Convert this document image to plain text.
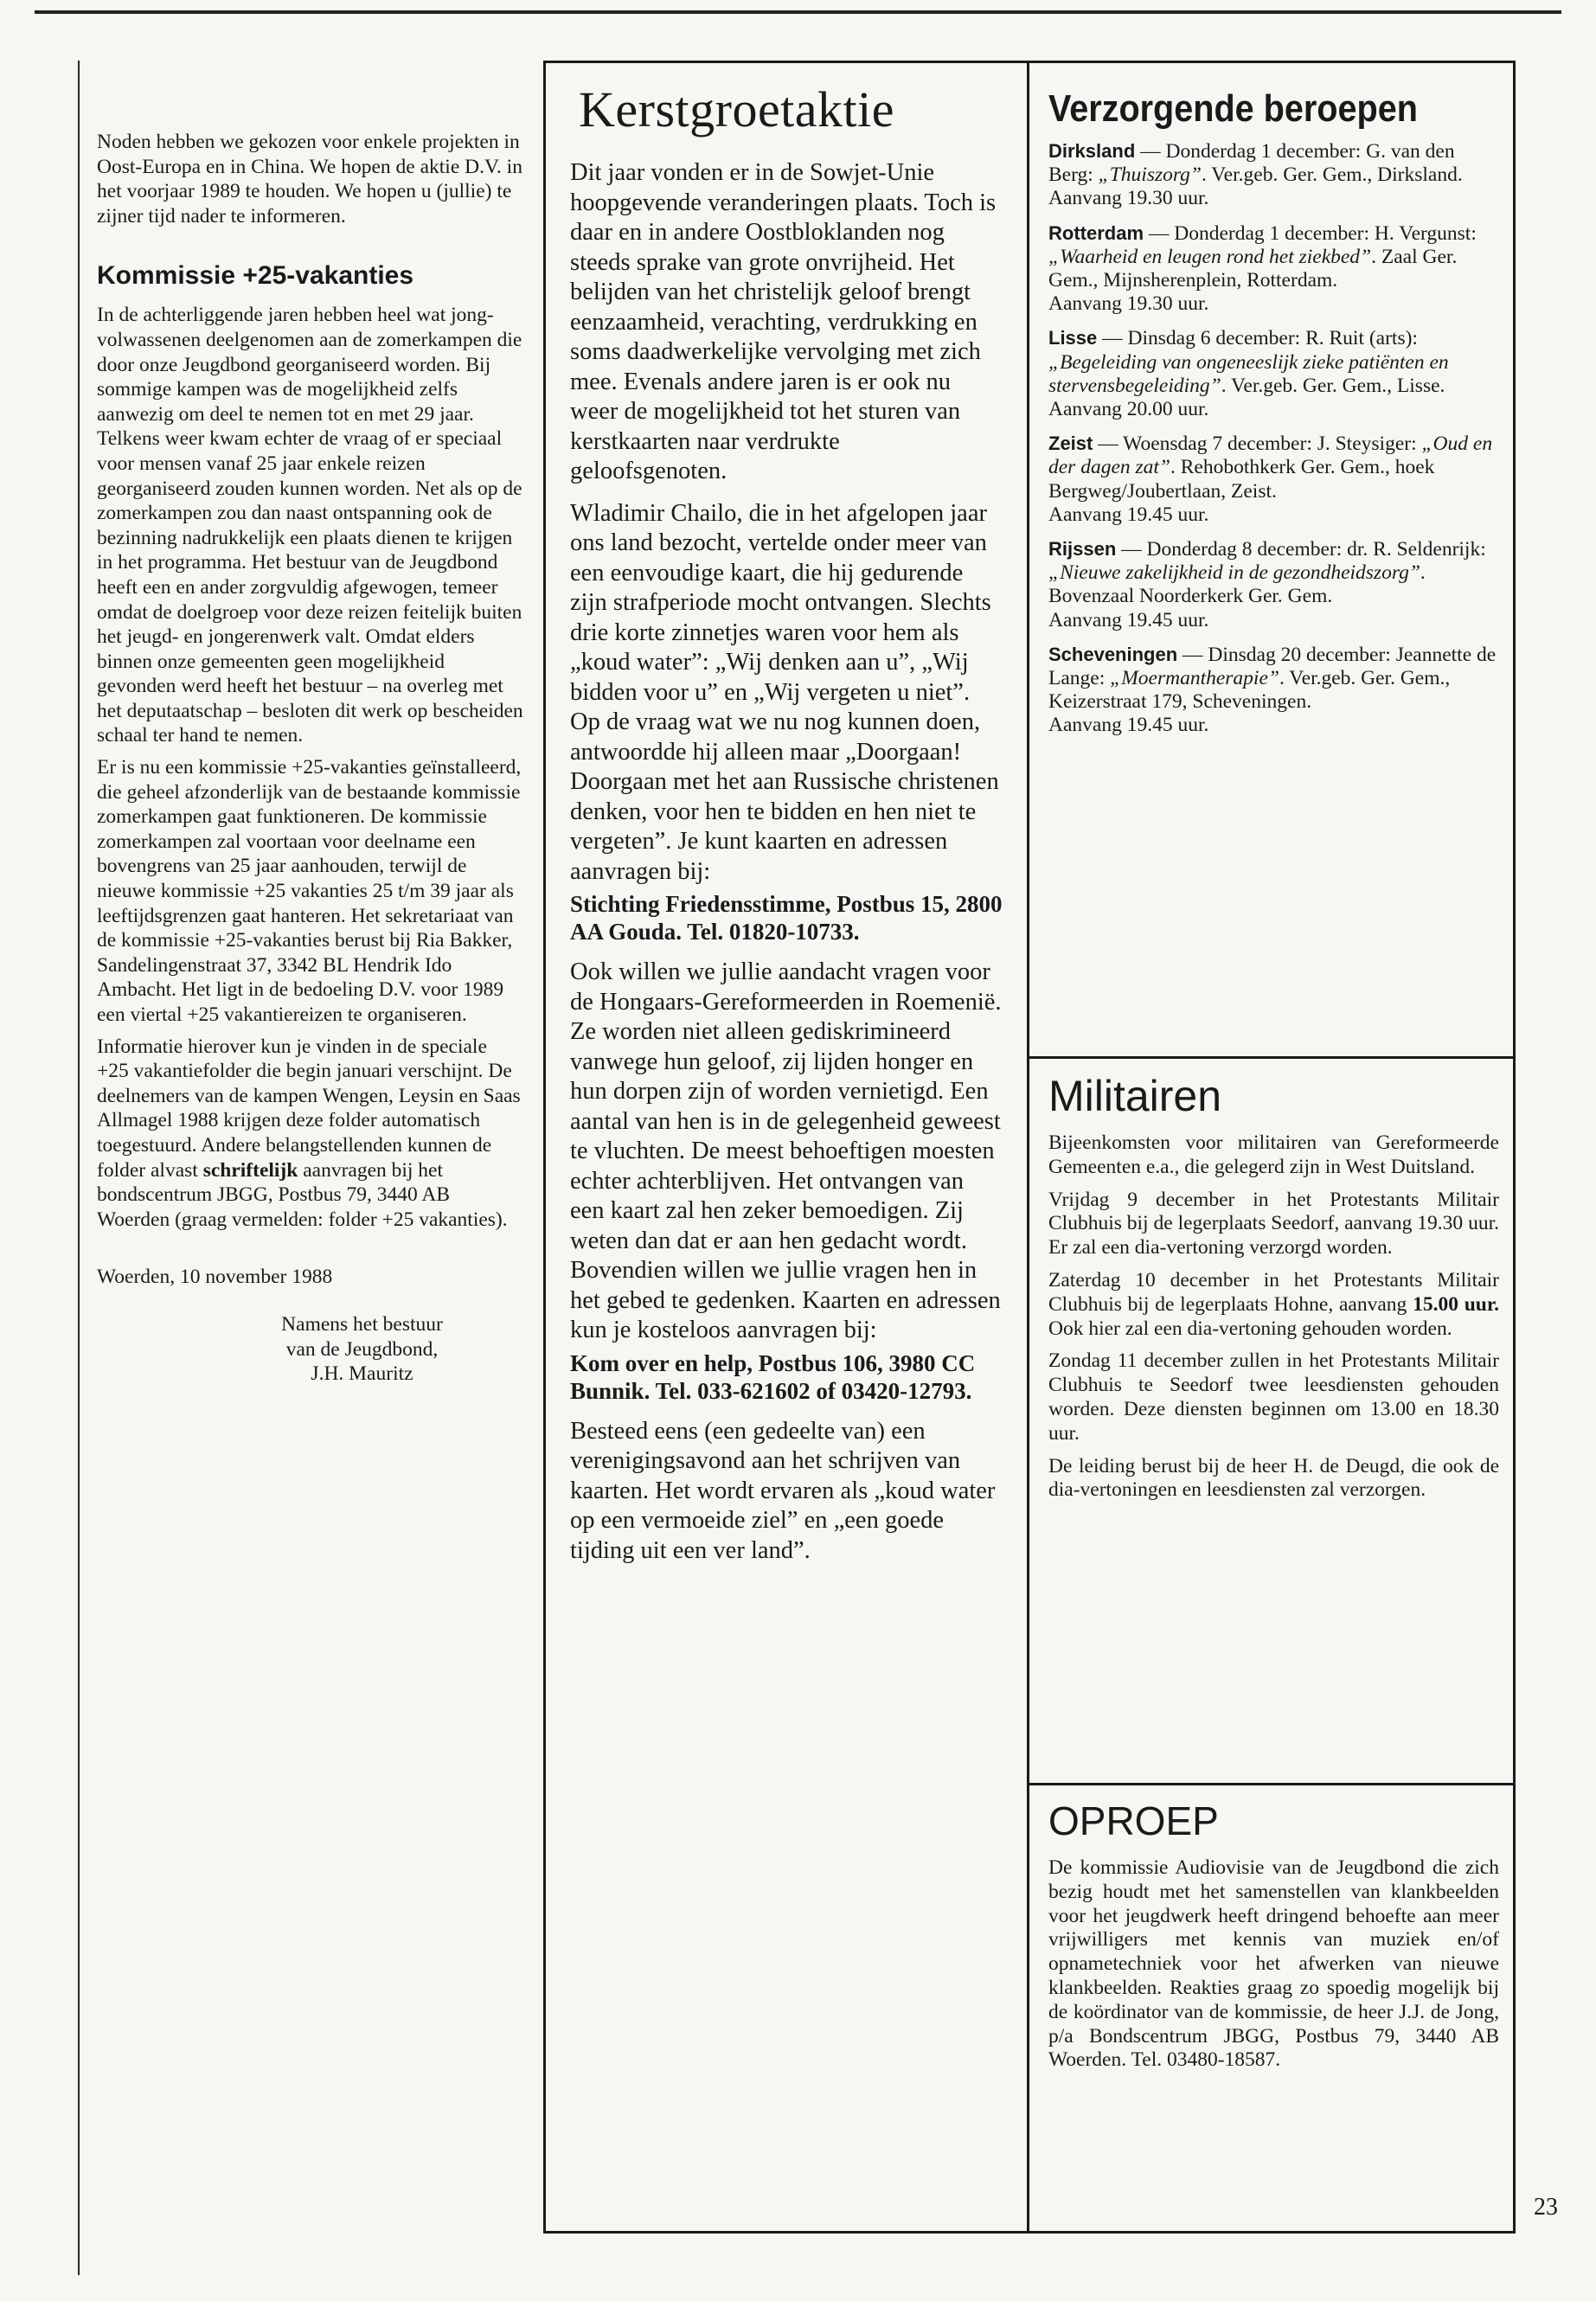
Noden hebben we gekozen voor enkele projekten in Oost-Europa en in China. We hopen de aktie D.V. in het voorjaar 1989 te houden. We hopen u (jullie) te zijner tijd nader te informeren.

Kommissie +25-vakanties

In de achterliggende jaren hebben heel wat jong-volwassenen deelgenomen aan de zomerkampen die door onze Jeugdbond georganiseerd worden. Bij sommige kampen was de mogelijkheid zelfs aanwezig om deel te nemen tot en met 29 jaar. Telkens weer kwam echter de vraag of er speciaal voor mensen vanaf 25 jaar enkele reizen georganiseerd zouden kunnen worden. Net als op de zomerkampen zou dan naast ontspanning ook de bezinning nadrukkelijk een plaats dienen te krijgen in het programma. Het bestuur van de Jeugdbond heeft een en ander zorgvuldig afgewogen, temeer omdat de doelgroep voor deze reizen feitelijk buiten het jeugd- en jongerenwerk valt. Omdat elders binnen onze gemeenten geen mogelijkheid gevonden werd heeft het bestuur – na overleg met het deputaatschap – besloten dit werk op bescheiden schaal ter hand te nemen.

Er is nu een kommissie +25-vakanties geïnstalleerd, die geheel afzonderlijk van de bestaande kommissie zomerkampen gaat funktioneren. De kommissie zomerkampen zal voortaan voor deelname een bovengrens van 25 jaar aanhouden, terwijl de nieuwe kommissie +25 vakanties 25 t/m 39 jaar als leeftijdsgrenzen gaat hanteren. Het sekretariaat van de kommissie +25-vakanties berust bij Ria Bakker, Sandelingenstraat 37, 3342 BL Hendrik Ido Ambacht. Het ligt in de bedoeling D.V. voor 1989 een viertal +25 vakantiereizen te organiseren.

Informatie hierover kun je vinden in de speciale +25 vakantiefolder die begin januari verschijnt. De deelnemers van de kampen Wengen, Leysin en Saas Allmagel 1988 krijgen deze folder automatisch toegestuurd. Andere belangstellenden kunnen de folder alvast schriftelijk aanvragen bij het bondscentrum JBGG, Postbus 79, 3440 AB Woerden (graag vermelden: folder +25 vakanties).

Woerden, 10 november 1988

Namens het bestuur
van de Jeugdbond,
J.H. Mauritz

Kerstgroetaktie

Dit jaar vonden er in de Sowjet-Unie hoopgevende veranderingen plaats. Toch is daar en in andere Oostbloklanden nog steeds sprake van grote onvrijheid. Het belijden van het christelijk geloof brengt eenzaamheid, verachting, verdrukking en soms daadwerkelijke vervolging met zich mee. Evenals andere jaren is er ook nu weer de mogelijkheid tot het sturen van kerstkaarten naar verdrukte geloofsgenoten.

Wladimir Chailo, die in het afgelopen jaar ons land bezocht, vertelde onder meer van een eenvoudige kaart, die hij gedurende zijn strafperiode mocht ontvangen. Slechts drie korte zinnetjes waren voor hem als „koud water”: „Wij denken aan u”, „Wij bidden voor u” en „Wij vergeten u niet”. Op de vraag wat we nu nog kunnen doen, antwoordde hij alleen maar „Doorgaan! Doorgaan met het aan Russische christenen denken, voor hen te bidden en hen niet te vergeten”. Je kunt kaarten en adressen aanvragen bij:

Stichting Friedensstimme, Postbus 15, 2800 AA Gouda. Tel. 01820-10733.

Ook willen we jullie aandacht vragen voor de Hongaars-Gereformeerden in Roemenië. Ze worden niet alleen gediskrimineerd vanwege hun geloof, zij lijden honger en hun dorpen zijn of worden vernietigd. Een aantal van hen is in de gelegenheid geweest te vluchten. De meest behoeftigen moesten echter achterblijven. Het ontvangen van een kaart zal hen zeker bemoedigen. Zij weten dan dat er aan hen gedacht wordt. Bovendien willen we jullie vragen hen in het gebed te gedenken. Kaarten en adressen kun je kosteloos aanvragen bij:

Kom over en help, Postbus 106, 3980 CC Bunnik. Tel. 033-621602 of 03420-12793.

Besteed eens (een gedeelte van) een verenigingsavond aan het schrijven van kaarten. Het wordt ervaren als „koud water op een vermoeide ziel” en „een goede tijding uit een ver land”.

Verzorgende beroepen

Dirksland — Donderdag 1 december: G. van den Berg: „Thuiszorg”. Ver.geb. Ger. Gem., Dirksland.
Aanvang 19.30 uur.

Rotterdam — Donderdag 1 december: H. Vergunst: „Waarheid en leugen rond het ziekbed”. Zaal Ger. Gem., Mijnsherenplein, Rotterdam.
Aanvang 19.30 uur.

Lisse — Dinsdag 6 december: R. Ruit (arts): „Begeleiding van ongeneeslijk zieke patiënten en stervensbegeleiding”. Ver.geb. Ger. Gem., Lisse.
Aanvang 20.00 uur.

Zeist — Woensdag 7 december: J. Steysiger: „Oud en der dagen zat”. Rehobothkerk Ger. Gem., hoek Bergweg/Joubertlaan, Zeist.
Aanvang 19.45 uur.

Rijssen — Donderdag 8 december: dr. R. Seldenrijk: „Nieuwe zakelijkheid in de gezondheidszorg”. Bovenzaal Noorderkerk Ger. Gem.
Aanvang 19.45 uur.

Scheveningen — Dinsdag 20 december: Jeannette de Lange: „Moermantherapie”. Ver.geb. Ger. Gem., Keizerstraat 179, Scheveningen.
Aanvang 19.45 uur.

Militairen

Bijeenkomsten voor militairen van Gereformeerde Gemeenten e.a., die gelegerd zijn in West Duitsland.

Vrijdag 9 december in het Protestants Militair Clubhuis bij de legerplaats Seedorf, aanvang 19.30 uur. Er zal een dia-vertoning verzorgd worden.

Zaterdag 10 december in het Protestants Militair Clubhuis bij de legerplaats Hohne, aanvang 15.00 uur. Ook hier zal een dia-vertoning gehouden worden.

Zondag 11 december zullen in het Protestants Militair Clubhuis te Seedorf twee leesdiensten gehouden worden. Deze diensten beginnen om 13.00 en 18.30 uur.

De leiding berust bij de heer H. de Deugd, die ook de dia-vertoningen en leesdiensten zal verzorgen.

OPROEP

De kommissie Audiovisie van de Jeugdbond die zich bezig houdt met het samenstellen van klankbeelden voor het jeugdwerk heeft dringend behoefte aan meer vrijwilligers met kennis van muziek en/of opnametechniek voor het afwerken van nieuwe klankbeelden. Reakties graag zo spoedig mogelijk bij de koördinator van de kommissie, de heer J.J. de Jong, p/a Bondscentrum JBGG, Postbus 79, 3440 AB Woerden. Tel. 03480-18587.

23
